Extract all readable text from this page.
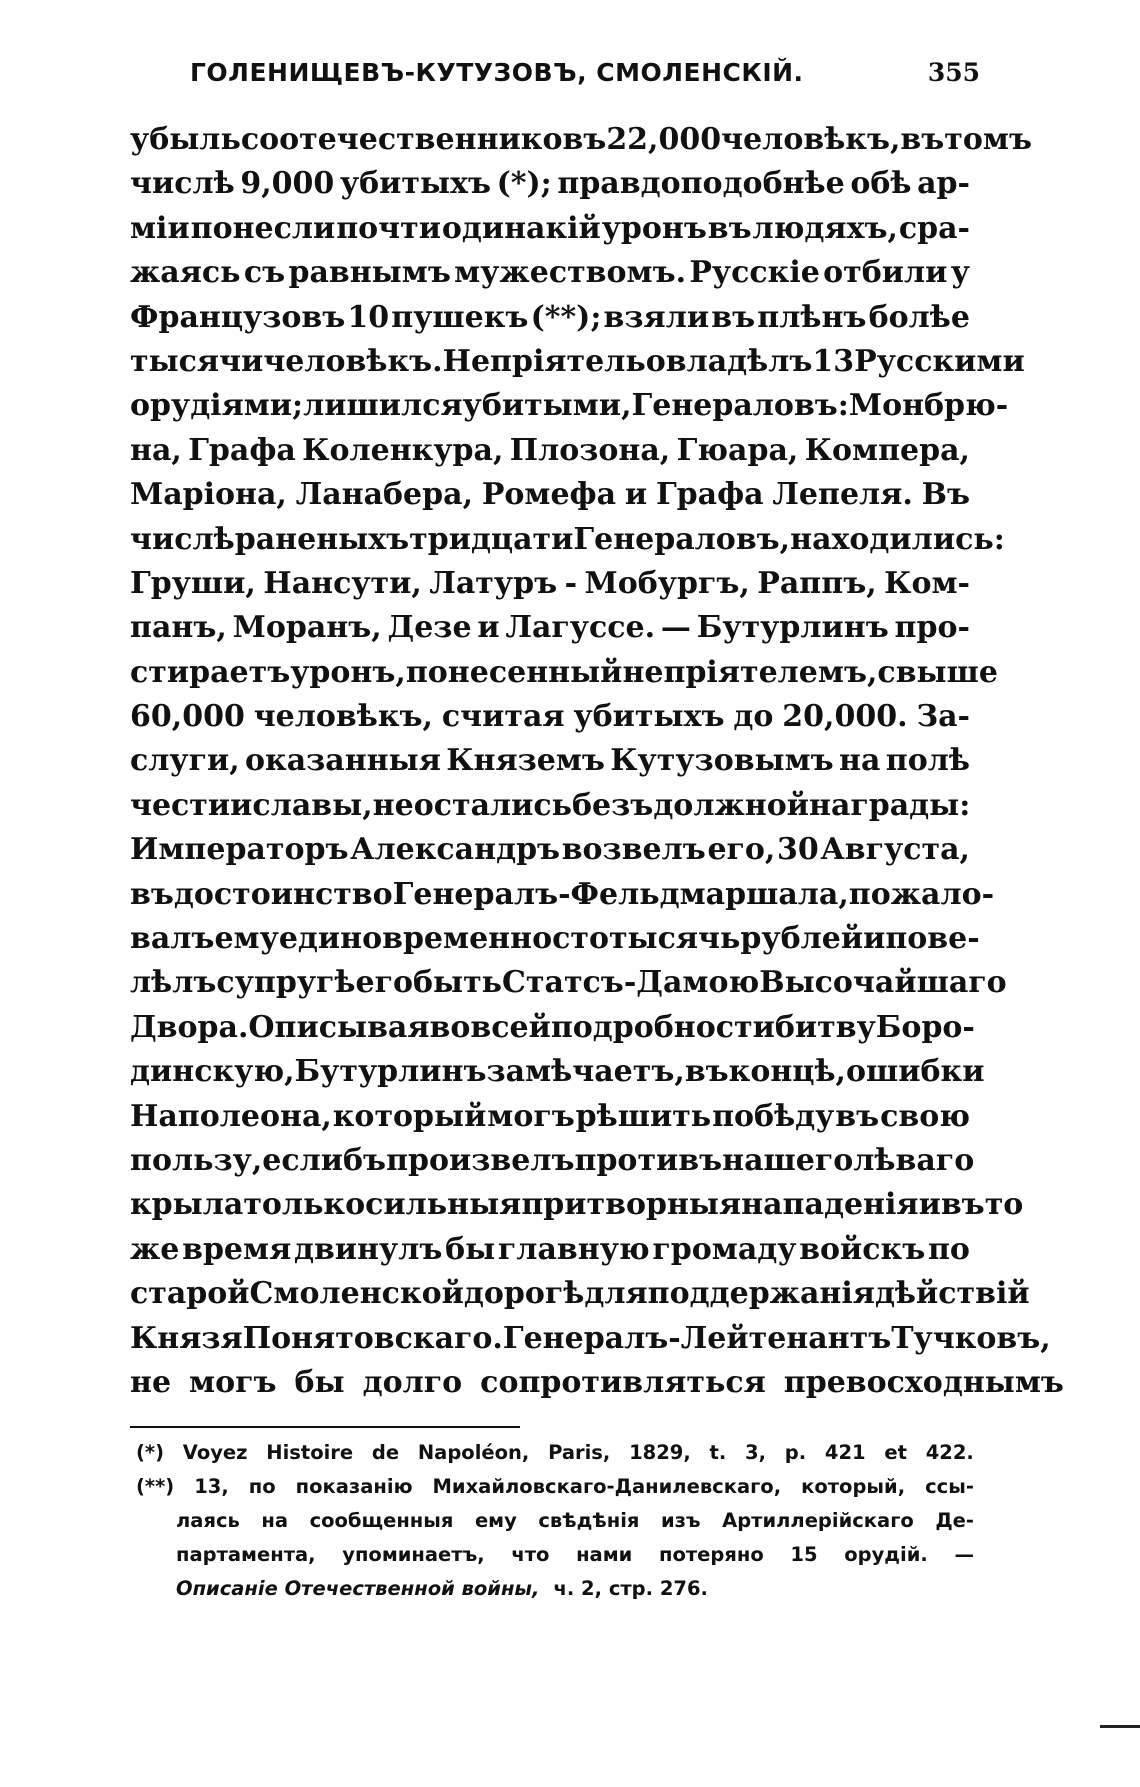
ГОЛЕНИЩЕВЪ-КУТУЗОВЪ, СМОЛЕНСКІЙ.	355
убыль соотечественниковъ 22,000 человѣкъ, въ томъ
числѣ 9,000 убитыхъ (*); правдоподобнѣе обѣ ар-
міи понесли почти одинакій уронъ въ людяхъ, сра-
жаясь съ равнымъ мужествомъ. Русскіе отбили у
Французовъ 10 пушекъ (**); взяли въ плѣнъ болѣе
тысячи человѣкъ. Непріятель овладѣлъ 13 Русскими
орудіями; лишился убитыми, Генераловъ: Монбрю-
на, Графа Коленкура, Плозона, Гюара, Компера,
Маріона, Ланабера, Ромефа и Графа Лепеля. Въ
числѣ раненыхъ тридцати Генераловъ, находились:
Груши, Нансути, Латуръ - Мобургъ, Раппъ, Ком-
панъ, Моранъ, Дезе и Лагуссе. — Бутурлинъ про-
стираетъ уронъ, понесенный непріятелемъ, свыше
60,000 человѣкъ, считая убитыхъ до 20,000. За-
слуги, оказанныя Княземъ Кутузовымъ на полѣ
чести и славы, не остались безъ должной награды:
Императоръ Александръ возвелъ его, 30 Августа,
въ достоинство Генералъ - Фельдмаршала, пожало-
валъ ему единовременно сто тысячь рублей и повe-
лѣлъ супругѣ его быть Статсъ-Дамою Высочайшаго
Двора. Описывая во всей подробности битву Боро-
динскую, Бутурлинъ замѣчаетъ, въ концѣ, ошибки
Наполеона, который могъ рѣшить побѣду въ свою
пользу, еслибъ произвелъ противъ нашего лѣваго
крыла только сильныя притворныя нападенія и въ то
же время двинулъ бы главную громаду войскъ по
старой Смоленской дорогѣ для поддержанія дѣйствій
Князя Понятовскаго. Генералъ-Лейтенантъ Тучковъ,
не могъ бы долго сопротивляться превосходнымъ
(*) Voyez Histoire de Napoléon, Paris, 1829, t. 3, p. 421 et 422.
(**) 13, по показанію Михайловскаго-Данилевскаго, который, ссы-
лаясь на сообщенныя ему свѣдѣнія изъ Артиллерійскаго Де-
партамента, упоминаетъ, что нами потеряно 15 орудій. —
Описаніе Отечественной войны, ч. 2, стр. 276.
